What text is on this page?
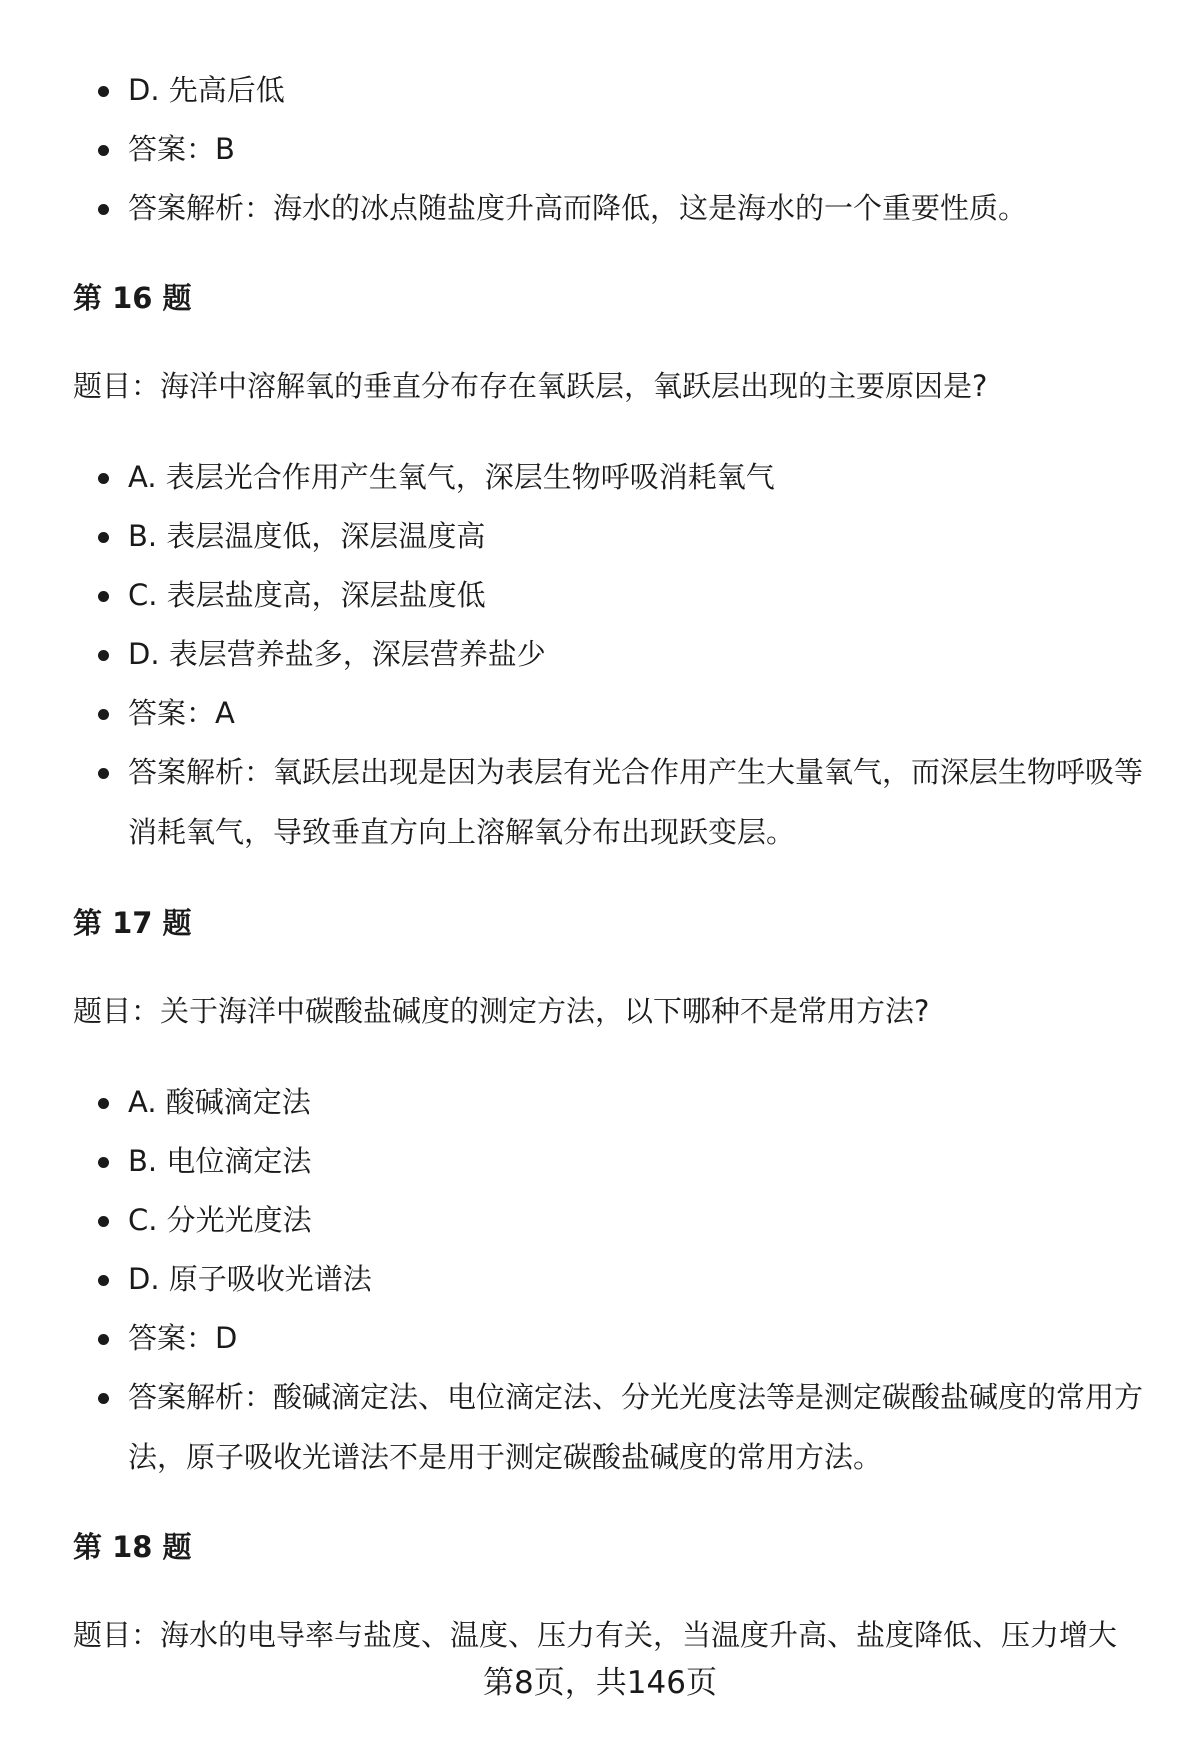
D. 先高后低
答案：B
答案解析：海水的冰点随盐度升高而降低，这是海水的一个重要性质。
第 16 题
题目：海洋中溶解氧的垂直分布存在氧跃层，氧跃层出现的主要原因是?
A. 表层光合作用产生氧气，深层生物呼吸消耗氧气
B. 表层温度低，深层温度高
C. 表层盐度高，深层盐度低
D. 表层营养盐多，深层营养盐少
答案：A
答案解析：氧跃层出现是因为表层有光合作用产生大量氧气，而深层生物呼吸等消耗氧气，导致垂直方向上溶解氧分布出现跃变层。
第 17 题
题目：关于海洋中碳酸盐碱度的测定方法，以下哪种不是常用方法?
A. 酸碱滴定法
B. 电位滴定法
C. 分光光度法
D. 原子吸收光谱法
答案：D
答案解析：酸碱滴定法、电位滴定法、分光光度法等是测定碳酸盐碱度的常用方法，原子吸收光谱法不是用于测定碳酸盐碱度的常用方法。
第 18 题
题目：海水的电导率与盐度、温度、压力有关，当温度升高、盐度降低、压力增大
第8页，共146页
